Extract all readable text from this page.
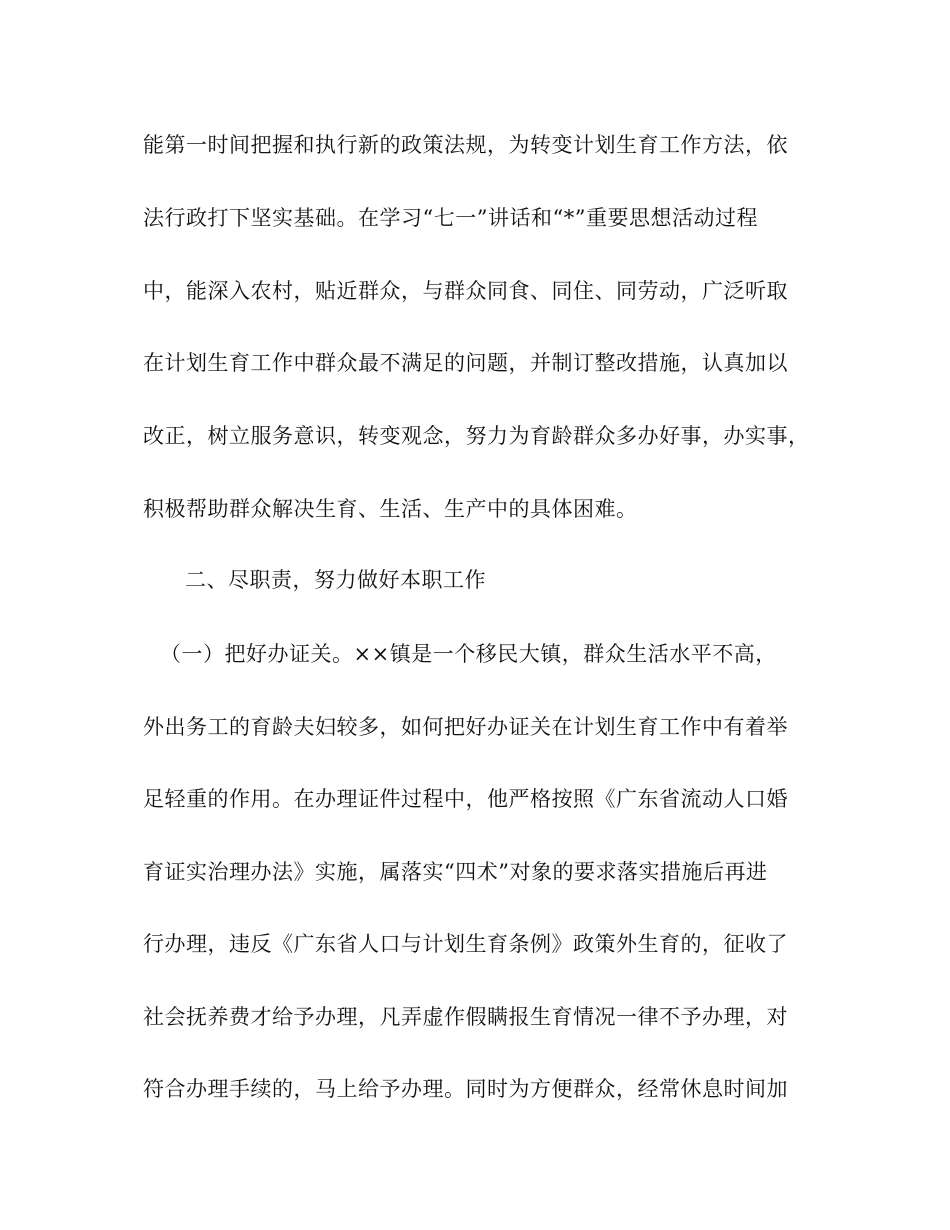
能第一时间把握和执行新的政策法规，为转变计划生育工作方法，依
法行政打下坚实基础。在学习“七一”讲话和“*”重要思想活动过程
中，能深入农村，贴近群众，与群众同食、同住、同劳动，广泛听取
在计划生育工作中群众最不满足的问题，并制订整改措施，认真加以
改正，树立服务意识，转变观念，努力为育龄群众多办好事，办实事，
积极帮助群众解决生育、生活、生产中的具体困难。
二、尽职责，努力做好本职工作
（一）把好办证关。××镇是一个移民大镇，群众生活水平不高，
外出务工的育龄夫妇较多，如何把好办证关在计划生育工作中有着举
足轻重的作用。在办理证件过程中，他严格按照《广东省流动人口婚
育证实治理办法》实施，属落实“四术”对象的要求落实措施后再进
行办理，违反《广东省人口与计划生育条例》政策外生育的，征收了
社会抚养费才给予办理，凡弄虚作假瞒报生育情况一律不予办理，对
符合办理手续的，马上给予办理。同时为方便群众，经常休息时间加
